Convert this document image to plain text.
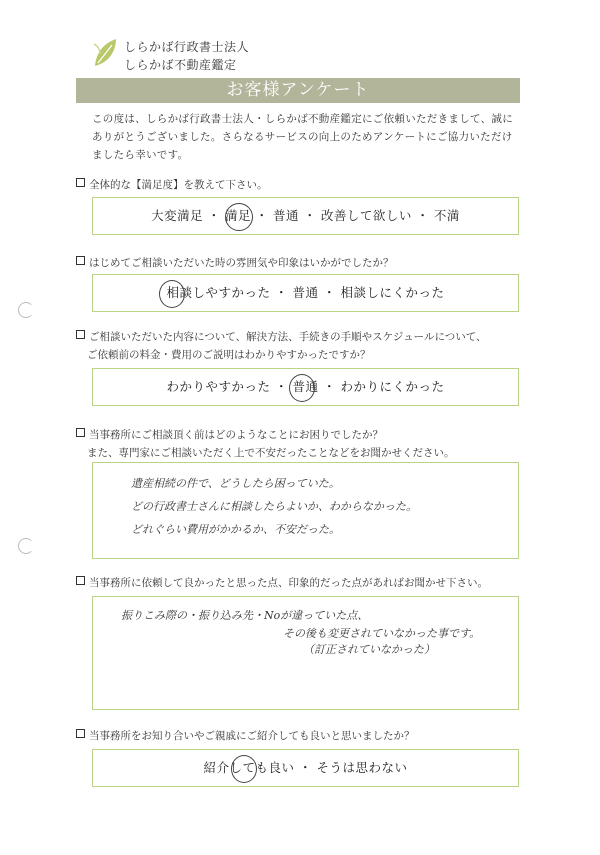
しらかば行政書士法人
しらかば不動産鑑定
お客様アンケート
この度は、しらかば行政書士法人・しらかば不動産鑑定にご依頼いただきまして、誠にありがとうございました。さらなるサービスの向上のためアンケートにご協力いただけましたら幸いです。
全体的な【満足度】を教えて下さい。
大変満足 ・ 満足 ・ 普通 ・ 改善して欲しい ・ 不満
はじめてご相談いただいた時の雰囲気や印象はいかがでしたか？
相談しやすかった ・ 普通 ・ 相談しにくかった
ご相談いただいた内容について、解決方法、手続きの手順やスケジュールについて、
ご依頼前の料金・費用のご説明はわかりやすかったですか？
わかりやすかった ・ 普通 ・ わかりにくかった
当事務所にご相談頂く前はどのようなことにお困りでしたか？
また、専門家にご相談いただく上で不安だったことなどをお聞かせください。
遺産相続の件で、どうしたら困っていた。
どの行政書士さんに相談したらよいか、わからなかった。
どれぐらい費用がかかるか、不安だった。
当事務所に依頼して良かったと思った点、印象的だった点があればお聞かせ下さい。
振りこみ際の・振り込み先・Noが違っていた点、
その後も変更されていなかった事です。
（訂正されていなかった）
当事務所をお知り合いやご親戚にご紹介しても良いと思いましたか？
紹介しても良い ・ そうは思わない
